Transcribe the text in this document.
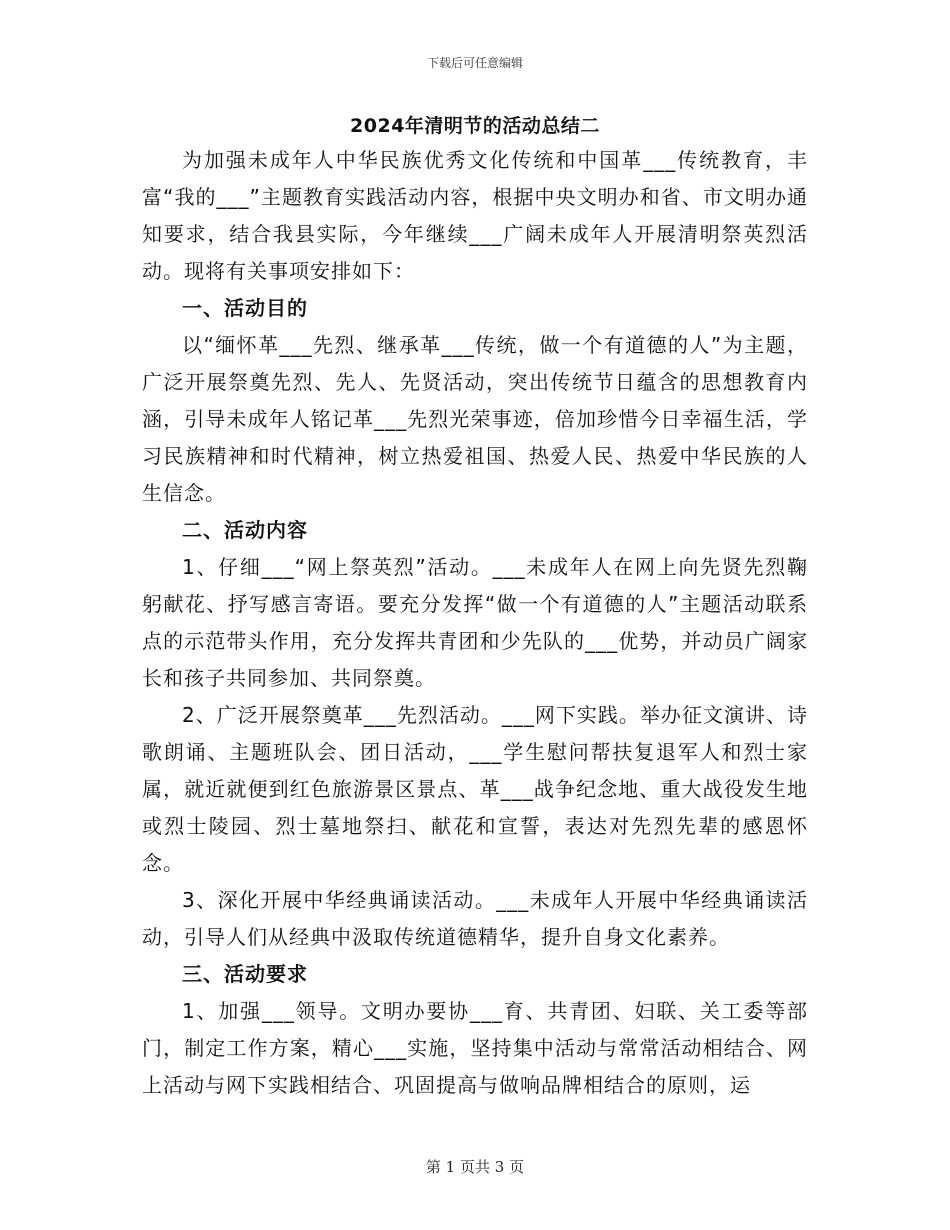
下载后可任意编辑
2024年清明节的活动总结二

为加强未成年人中华民族优秀文化传统和中国革___传统教育，丰富“我的___”主题教育实践活动内容，根据中央文明办和省、市文明办通知要求，结合我县实际，今年继续___广阔未成年人开展清明祭英烈活动。现将有关事项安排如下：

一、活动目的

以“缅怀革___先烈、继承革___传统，做一个有道德的人”为主题，广泛开展祭奠先烈、先人、先贤活动，突出传统节日蕴含的思想教育内涵，引导未成年人铭记革___先烈光荣事迹，倍加珍惜今日幸福生活，学习民族精神和时代精神，树立热爱祖国、热爱人民、热爱中华民族的人生信念。

二、活动内容

1、仔细___“网上祭英烈”活动。___未成年人在网上向先贤先烈鞠躬献花、抒写感言寄语。要充分发挥“做一个有道德的人”主题活动联系点的示范带头作用，充分发挥共青团和少先队的___优势，并动员广阔家长和孩子共同参加、共同祭奠。

2、广泛开展祭奠革___先烈活动。___网下实践。举办征文演讲、诗歌朗诵、主题班队会、团日活动，___学生慰问帮扶复退军人和烈士家属，就近就便到红色旅游景区景点、革___战争纪念地、重大战役发生地或烈士陵园、烈士墓地祭扫、献花和宣誓，表达对先烈先辈的感恩怀念。

3、深化开展中华经典诵读活动。___未成年人开展中华经典诵读活动，引导人们从经典中汲取传统道德精华，提升自身文化素养。

三、活动要求

1、加强___领导。文明办要协___育、共青团、妇联、关工委等部门，制定工作方案，精心___实施，坚持集中活动与常常活动相结合、网上活动与网下实践相结合、巩固提高与做响品牌相结合的原则，运

第 1 页共 3 页
